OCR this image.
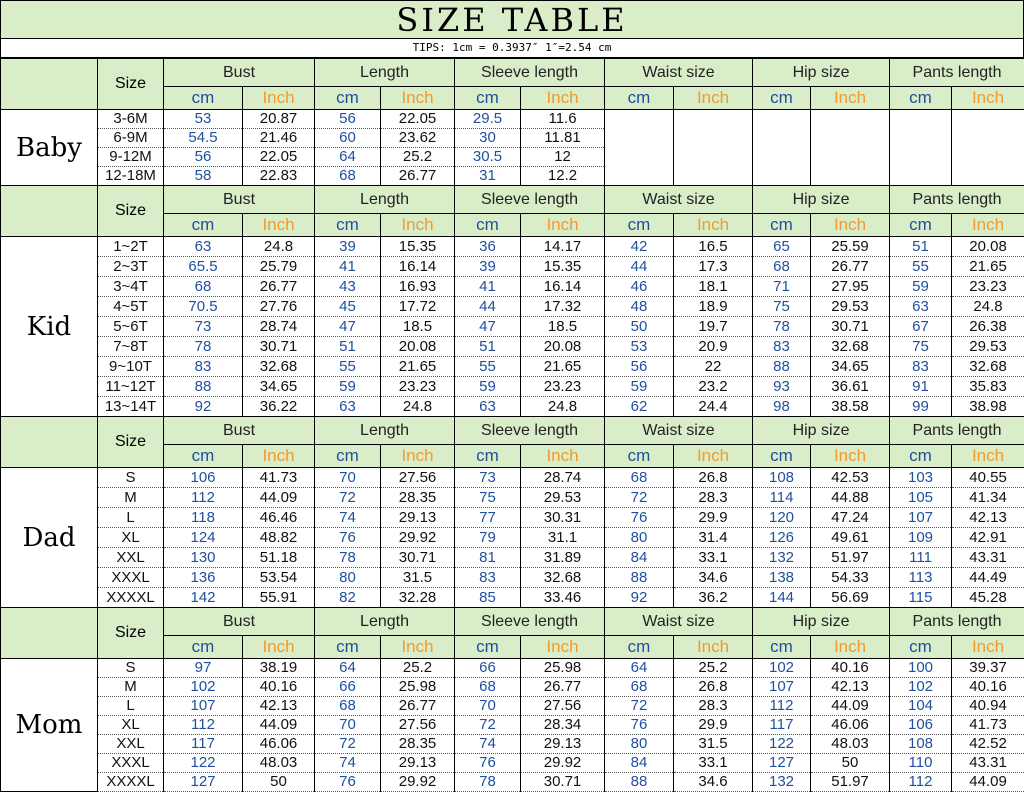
SIZE TABLE
TIPS: 1cm = 0.3937″ 1″=2.54 cm
	Size	Bust		Length		Sleeve length		Waist size		Hip size		Pants length	
		cm	Inch	cm	Inch	cm	Inch	cm	Inch	cm	Inch	cm	Inch
Baby	3-6M	53	20.87	56	22.05	29.5	11.6						
	6-9M	54.5	21.46	60	23.62	30	11.81						
	9-12M	56	22.05	64	25.2	30.5	12						
	12-18M	58	22.83	68	26.77	31	12.2						
	Size	Bust		Length		Sleeve length		Waist size		Hip size		Pants length	
		cm	Inch	cm	Inch	cm	Inch	cm	Inch	cm	Inch	cm	Inch
Kid	1~2T	63	24.8	39	15.35	36	14.17	42	16.5	65	25.59	51	20.08
	2~3T	65.5	25.79	41	16.14	39	15.35	44	17.3	68	26.77	55	21.65
	3~4T	68	26.77	43	16.93	41	16.14	46	18.1	71	27.95	59	23.23
	4~5T	70.5	27.76	45	17.72	44	17.32	48	18.9	75	29.53	63	24.8
	5~6T	73	28.74	47	18.5	47	18.5	50	19.7	78	30.71	67	26.38
	7~8T	78	30.71	51	20.08	51	20.08	53	20.9	83	32.68	75	29.53
	9~10T	83	32.68	55	21.65	55	21.65	56	22	88	34.65	83	32.68
	11~12T	88	34.65	59	23.23	59	23.23	59	23.2	93	36.61	91	35.83
	13~14T	92	36.22	63	24.8	63	24.8	62	24.4	98	38.58	99	38.98
	Size	Bust		Length		Sleeve length		Waist size		Hip size		Pants length	
		cm	Inch	cm	Inch	cm	Inch	cm	Inch	cm	Inch	cm	Inch
Dad	S	106	41.73	70	27.56	73	28.74	68	26.8	108	42.53	103	40.55
	M	112	44.09	72	28.35	75	29.53	72	28.3	114	44.88	105	41.34
	L	118	46.46	74	29.13	77	30.31	76	29.9	120	47.24	107	42.13
	XL	124	48.82	76	29.92	79	31.1	80	31.4	126	49.61	109	42.91
	XXL	130	51.18	78	30.71	81	31.89	84	33.1	132	51.97	111	43.31
	XXXL	136	53.54	80	31.5	83	32.68	88	34.6	138	54.33	113	44.49
	XXXXL	142	55.91	82	32.28	85	33.46	92	36.2	144	56.69	115	45.28
	Size	Bust		Length		Sleeve length		Waist size		Hip size		Pants length	
		cm	Inch	cm	Inch	cm	Inch	cm	Inch	cm	Inch	cm	Inch
Mom	S	97	38.19	64	25.2	66	25.98	64	25.2	102	40.16	100	39.37
	M	102	40.16	66	25.98	68	26.77	68	26.8	107	42.13	102	40.16
	L	107	42.13	68	26.77	70	27.56	72	28.3	112	44.09	104	40.94
	XL	112	44.09	70	27.56	72	28.34	76	29.9	117	46.06	106	41.73
	XXL	117	46.06	72	28.35	74	29.13	80	31.5	122	48.03	108	42.52
	XXXL	122	48.03	74	29.13	76	29.92	84	33.1	127	50	110	43.31
	XXXXL	127	50	76	29.92	78	30.71	88	34.6	132	51.97	112	44.09
